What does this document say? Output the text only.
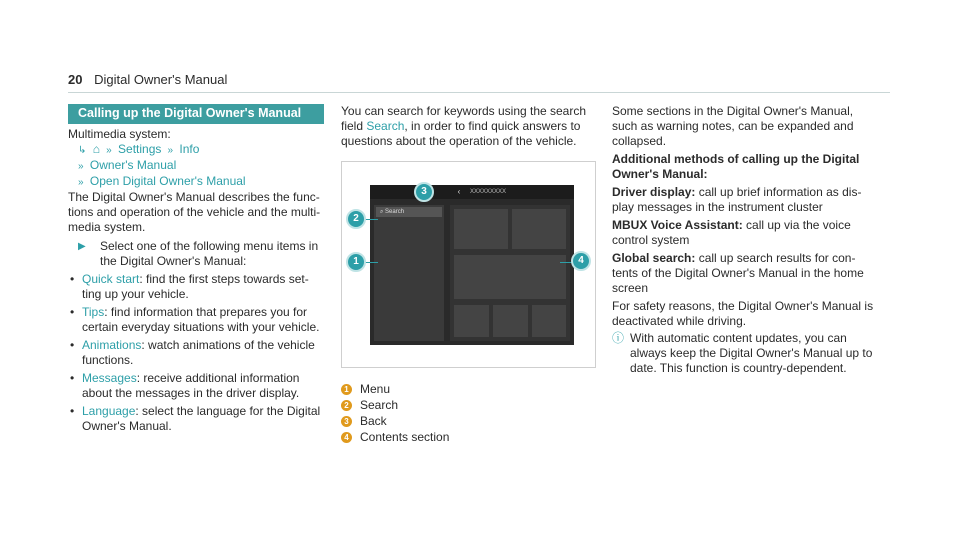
20 Digital Owner's Manual
Calling up the Digital Owner's Manual
Multimedia system:
↳ ⌂  » Settings  » Info
» Owner's Manual
» Open Digital Owner's Manual

The Digital Owner's Manual describes the functions and operation of the vehicle and the multimedia system.

▶	Select one of the following menu items in the Digital Owner's Manual:
• Quick start: find the first steps towards setting up your vehicle.
• Tips: find information that prepares you for certain everyday situations with your vehicle.
• Animations: watch animations of the vehicle functions.
• Messages: receive additional information about the messages in the driver display.
• Language: select the language for the Digital Owner's Manual.

You can search for keywords using the search field Search, in order to find quick answers to questions about the operation of the vehicle.

‹	XXXXXXXXX
⌕ Search
1
2
3
4
1 Menu
2 Search
3 Back
4 Contents section

Some sections in the Digital Owner's Manual, such as warning notes, can be expanded and collapsed.

Additional methods of calling up the Digital Owner's Manual:

Driver display: call up brief information as display messages in the instrument cluster

MBUX Voice Assistant: call up via the voice control system

Global search: call up search results for contents of the Digital Owner's Manual in the home screen

For safety reasons, the Digital Owner's Manual is deactivated while driving.

ⓘ With automatic content updates, you can always keep the Digital Owner's Manual up to date. This function is country-dependent.
